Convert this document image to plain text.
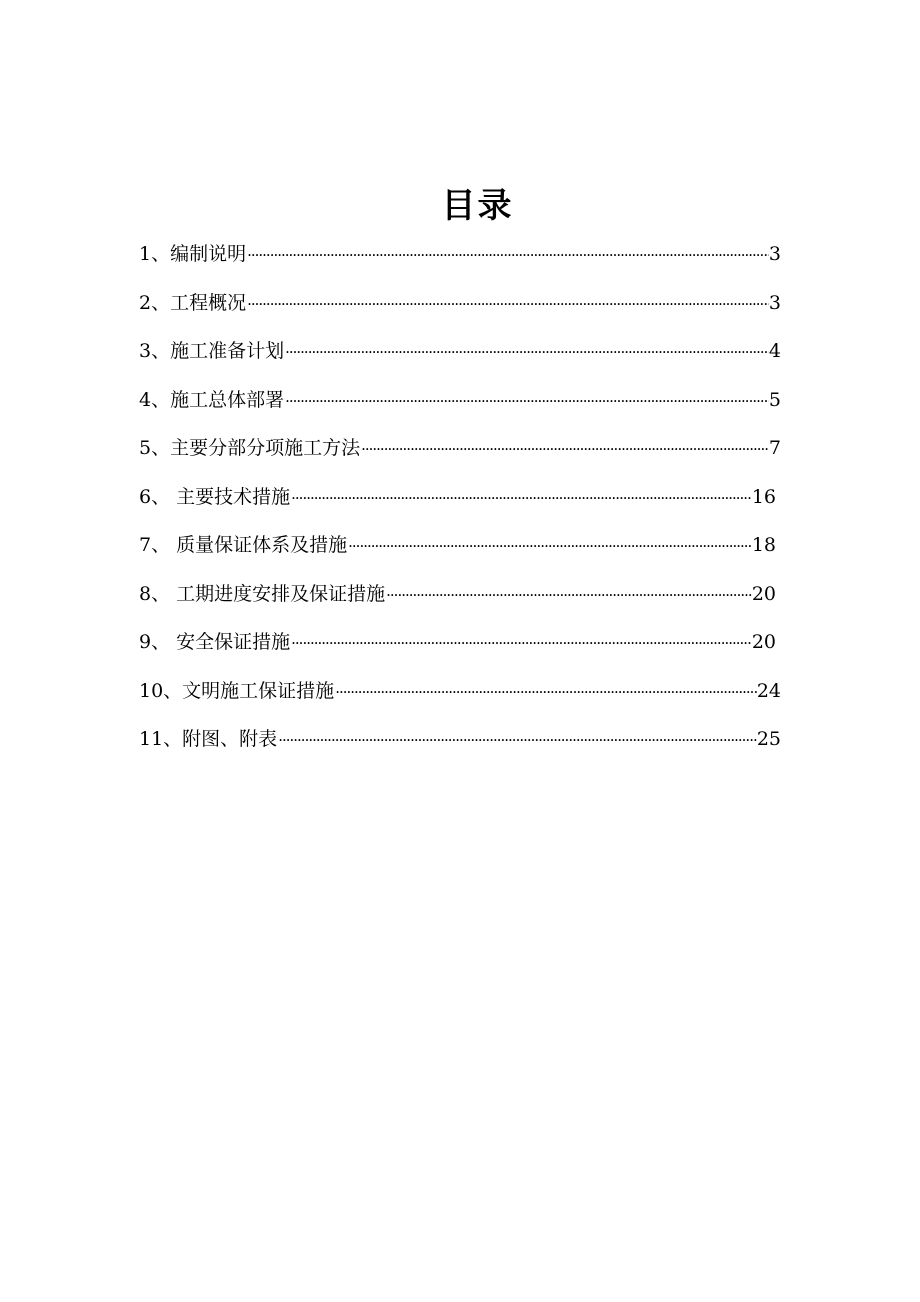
目录
1、编制说明 ·····	3
2、工程概况 ·····	3
3、施工准备计划 ·····	4
4、施工总体部署 ·····	5
5、主要分部分项施工方法 ·····	7
6、 主要技术措施 ·····	16
7、 质量保证体系及措施 ·····	18
8、 工期进度安排及保证措施 ·····	20
9、 安全保证措施 ·····	20
10、文明施工保证措施 ·····	24
11、附图、附表 ·····	25
